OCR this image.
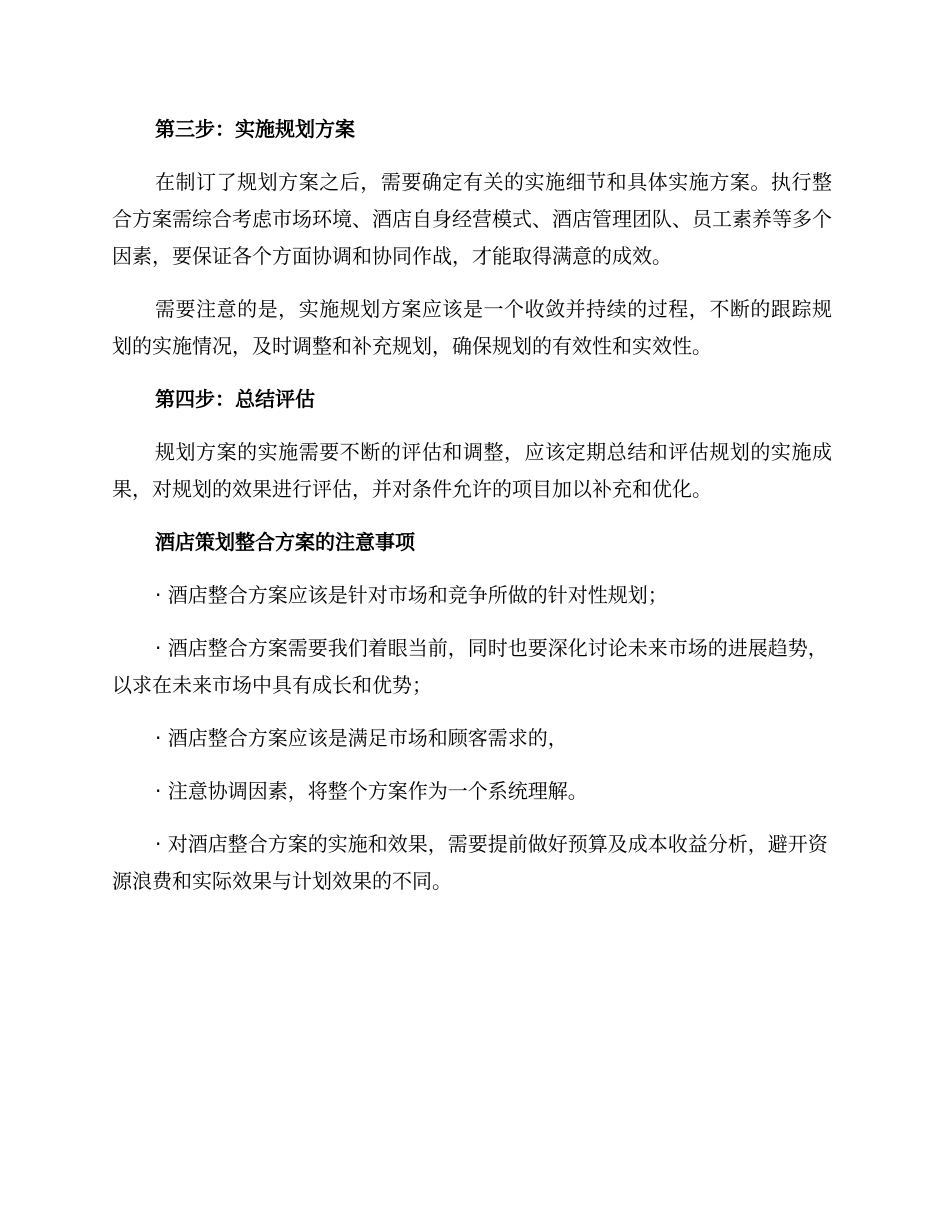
第三步：实施规划方案

在制订了规划方案之后，需要确定有关的实施细节和具体实施方案。执行整合方案需综合考虑市场环境、酒店自身经营模式、酒店管理团队、员工素养等多个因素，要保证各个方面协调和协同作战，才能取得满意的成效。

需要注意的是，实施规划方案应该是一个收敛并持续的过程，不断的跟踪规划的实施情况，及时调整和补充规划，确保规划的有效性和实效性。

第四步：总结评估

规划方案的实施需要不断的评估和调整，应该定期总结和评估规划的实施成果，对规划的效果进行评估，并对条件允许的项目加以补充和优化。

酒店策划整合方案的注意事项

· 酒店整合方案应该是针对市场和竞争所做的针对性规划；

· 酒店整合方案需要我们着眼当前，同时也要深化讨论未来市场的进展趋势，以求在未来市场中具有成长和优势；

· 酒店整合方案应该是满足市场和顾客需求的，

· 注意协调因素，将整个方案作为一个系统理解。

· 对酒店整合方案的实施和效果，需要提前做好预算及成本收益分析，避开资源浪费和实际效果与计划效果的不同。
